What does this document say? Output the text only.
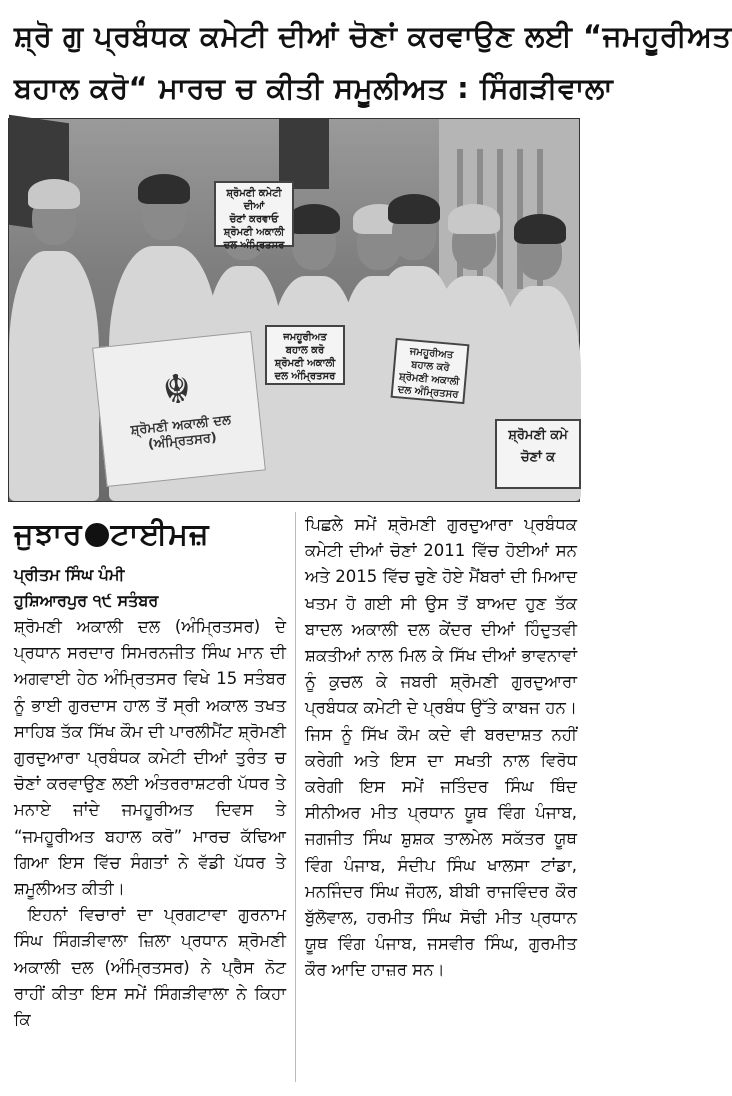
ਸ਼੍ਰੋ ਗੁ ਪ੍ਰਬੰਧਕ ਕਮੇਟੀ ਦੀਆਂ ਚੋਣਾਂ ਕਰਵਾਉਣ ਲਈ “ਜਮਹੂਰੀਅਤ
ਬਹਾਲ ਕਰੋ“ ਮਾਰਚ ਚ ਕੀਤੀ ਸਮੂਲੀਅਤ : ਸਿੰਗੜੀਵਾਲਾ
☬
ਸ਼੍ਰੋਮਣੀ ਅਕਾਲੀ ਦਲ
(ਅੰਮ੍ਰਿਤਸਰ)
ਸ਼੍ਰੋਮਣੀ ਕਮੇਟੀ ਦੀਆਂ
ਚੋਣਾਂ ਕਰਵਾਓ
ਸ਼੍ਰੋਮਣੀ ਅਕਾਲੀ ਦਲ ਅੰਮ੍ਰਿਤਸਰ
ਜਮਹੂਰੀਅਤ
ਬਹਾਲ ਕਰੋ
ਸ਼੍ਰੋਮਣੀ ਅਕਾਲੀ ਦਲ ਅੰਮ੍ਰਿਤਸਰ
ਜਮਹੂਰੀਅਤ
ਬਹਾਲ ਕਰੋ
ਸ਼੍ਰੋਮਣੀ ਅਕਾਲੀ ਦਲ ਅੰਮ੍ਰਿਤਸਰ
ਸ਼੍ਰੋਮਣੀ ਕਮੇ
ਚੋਣਾਂ ਕ
ਜੁਝਾਰ ਟਾਈਮਜ਼
ਪ੍ਰੀਤਮ ਸਿੰਘ ਪੰਮੀ
ਹੁਸ਼ਿਆਰਪੁਰ ੧੯ ਸਤੰਬਰ

ਸ਼੍ਰੋਮਣੀ ਅਕਾਲੀ ਦਲ (ਅੰਮ੍ਰਿਤਸਰ) ਦੇ ਪ੍ਰਧਾਨ ਸਰਦਾਰ ਸਿਮਰਨਜੀਤ ਸਿੰਘ ਮਾਨ ਦੀ ਅਗਵਾਈ ਹੇਠ ਅੰਮ੍ਰਿਤਸਰ ਵਿਖੇ 15 ਸਤੰਬਰ ਨੂੰ ਭਾਈ ਗੁਰਦਾਸ ਹਾਲ ਤੋਂ ਸ੍ਰੀ ਅਕਾਲ ਤਖਤ ਸਾਹਿਬ ਤੱਕ ਸਿੱਖ ਕੌਮ ਦੀ ਪਾਰਲੀਮੈਂਟ ਸ਼੍ਰੋਮਣੀ ਗੁਰਦੁਆਰਾ ਪ੍ਰਬੰਧਕ ਕਮੇਟੀ ਦੀਆਂ ਤੁਰੰਤ ਚ ਚੋਣਾਂ ਕਰਵਾਉਣ ਲਈ ਅੰਤਰਰਾਸ਼ਟਰੀ ਪੱਧਰ ਤੇ ਮਨਾਏ ਜਾਂਦੇ ਜਮਹੂਰੀਅਤ ਦਿਵਸ ਤੇ “ਜਮਹੂਰੀਅਤ ਬਹਾਲ ਕਰੋ” ਮਾਰਚ ਕੱਢਿਆ ਗਿਆ ਇਸ ਵਿੱਚ ਸੰਗਤਾਂ ਨੇ ਵੱਡੀ ਪੱਧਰ ਤੇ ਸ਼ਮੂਲੀਅਤ ਕੀਤੀ।

ਇਹਨਾਂ ਵਿਚਾਰਾਂ ਦਾ ਪ੍ਰਗਟਾਵਾ ਗੁਰਨਾਮ ਸਿੰਘ ਸਿੰਗੜੀਵਾਲਾ ਜ਼ਿਲਾ ਪ੍ਰਧਾਨ ਸ਼੍ਰੋਮਣੀ ਅਕਾਲੀ ਦਲ (ਅੰਮ੍ਰਿਤਸਰ) ਨੇ ਪ੍ਰੈਸ ਨੋਟ ਰਾਹੀਂ ਕੀਤਾ ਇਸ ਸਮੇਂ ਸਿੰਗੜੀਵਾਲਾ ਨੇ ਕਿਹਾ ਕਿ

ਪਿਛਲੇ ਸਮੇਂ ਸ਼੍ਰੋਮਣੀ ਗੁਰਦੁਆਰਾ ਪ੍ਰਬੰਧਕ ਕਮੇਟੀ ਦੀਆਂ ਚੋਣਾਂ 2011 ਵਿੱਚ ਹੋਈਆਂ ਸਨ ਅਤੇ 2015 ਵਿੱਚ ਚੁਣੇ ਹੋਏ ਮੈਂਬਰਾਂ ਦੀ ਮਿਆਦ ਖਤਮ ਹੋ ਗਈ ਸੀ ਉਸ ਤੋਂ ਬਾਅਦ ਹੁਣ ਤੱਕ ਬਾਦਲ ਅਕਾਲੀ ਦਲ ਕੇਂਦਰ ਦੀਆਂ ਹਿੰਦੁਤਵੀ ਸ਼ਕਤੀਆਂ ਨਾਲ ਮਿਲ ਕੇ ਸਿੱਖ ਦੀਆਂ ਭਾਵਨਾਵਾਂ ਨੂੰ ਕੁਚਲ ਕੇ ਜਬਰੀ ਸ਼੍ਰੋਮਣੀ ਗੁਰਦੁਆਰਾ ਪ੍ਰਬੰਧਕ ਕਮੇਟੀ ਦੇ ਪ੍ਰਬੰਧ ਉੱਤੇ ਕਾਬਜ ਹਨ। ਜਿਸ ਨੂੰ ਸਿੱਖ ਕੌਮ ਕਦੇ ਵੀ ਬਰਦਾਸ਼ਤ ਨਹੀਂ ਕਰੇਗੀ ਅਤੇ ਇਸ ਦਾ ਸਖਤੀ ਨਾਲ ਵਿਰੋਧ ਕਰੇਗੀ ਇਸ ਸਮੇਂ ਜਤਿੰਦਰ ਸਿੰਘ ਥਿੰਦ ਸੀਨੀਅਰ ਮੀਤ ਪ੍ਰਧਾਨ ਯੂਥ ਵਿੰਗ ਪੰਜਾਬ, ਜਗਜੀਤ ਸਿੰਘ ਸ਼ੁਸ਼ਕ ਤਾਲਮੇਲ ਸਕੱਤਰ ਯੂਥ ਵਿੰਗ ਪੰਜਾਬ, ਸੰਦੀਪ ਸਿੰਘ ਖਾਲਸਾ ਟਾਂਡਾ, ਮਨਜਿੰਦਰ ਸਿੰਘ ਜੌਹਲ, ਬੀਬੀ ਰਾਜਵਿੰਦਰ ਕੌਰ ਬੁੱਲੋਵਾਲ, ਹਰਮੀਤ ਸਿੰਘ ਸੋਢੀ ਮੀਤ ਪ੍ਰਧਾਨ ਯੂਥ ਵਿੰਗ ਪੰਜਾਬ, ਜਸਵੀਰ ਸਿੰਘ, ਗੁਰਮੀਤ ਕੌਰ ਆਦਿ ਹਾਜ਼ਰ ਸਨ।
